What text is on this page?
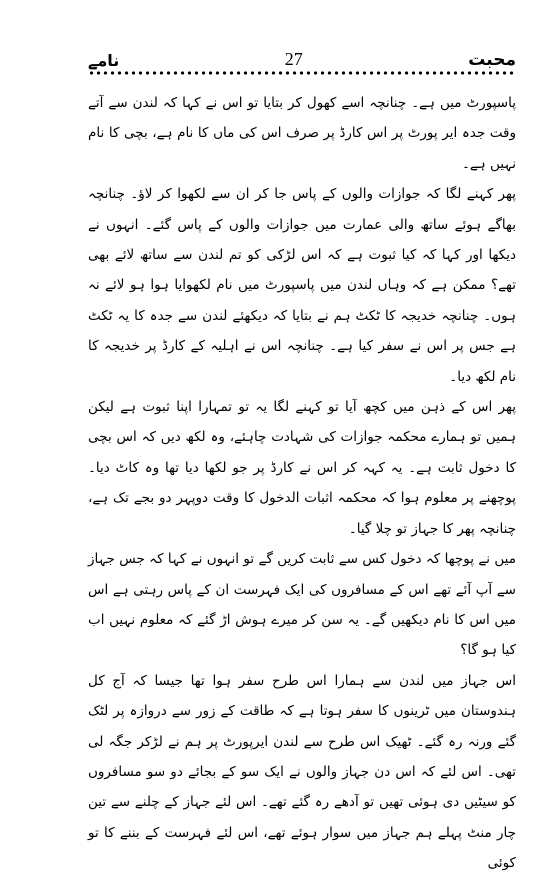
نامے	27	محبت

پاسپورٹ میں ہے۔ چنانچہ اسے کھول کر بتایا تو اس نے کہا کہ لندن سے آتے وقت جدہ ایر پورٹ پر اس کارڈ پر صرف اس کی ماں کا نام ہے، بچی کا نام نہیں ہے۔

پھر کہنے لگا کہ جوازات والوں کے پاس جا کر ان سے لکھوا کر لاؤ۔ چنانچہ بھاگے ہوئے ساتھ والی عمارت میں جوازات والوں کے پاس گئے۔ انہوں نے دیکھا اور کہا کہ کیا ثبوت ہے کہ اس لڑکی کو تم لندن سے ساتھ لائے بھی تھے؟ ممکن ہے کہ وہاں لندن میں پاسپورٹ میں نام لکھوایا ہوا ہو لائے نہ ہوں۔ چنانچہ خدیجہ کا ٹکٹ ہم نے بتایا کہ دیکھئے لندن سے جدہ کا یہ ٹکٹ ہے جس پر اس نے سفر کیا ہے۔ چنانچہ اس نے اہلیہ کے کارڈ پر خدیجہ کا نام لکھ دیا۔

پھر اس کے ذہن میں کچھ آیا تو کہنے لگا یہ تو تمہارا اپنا ثبوت ہے لیکن ہمیں تو ہمارے محکمہ جوازات کی شہادت چاہئے، وہ لکھ دیں کہ اس بچی کا دخول ثابت ہے۔ یہ کہہ کر اس نے کارڈ پر جو لکھا دیا تھا وہ کاٹ دیا۔ پوچھنے پر معلوم ہوا کہ محکمہ اثبات الدخول کا وقت دوپہر دو بجے تک ہے، چنانچہ پھر کا جہاز تو چلا گیا۔

میں نے پوچھا کہ دخول کس سے ثابت کریں گے تو انہوں نے کہا کہ جس جہاز سے آپ آئے تھے اس کے مسافروں کی ایک فہرست ان کے پاس رہتی ہے اس میں اس کا نام دیکھیں گے۔ یہ سن کر میرے ہوش اڑ گئے کہ معلوم نہیں اب کیا ہو گا؟

اس جہاز میں لندن سے ہمارا اس طرح سفر ہوا تھا جیسا کہ آج کل ہندوستان میں ٹرینوں کا سفر ہوتا ہے کہ طاقت کے زور سے دروازہ پر لٹک گئے ورنہ رہ گئے۔ ٹھیک اس طرح سے لندن ایرپورٹ پر ہم نے لڑکر جگہ لی تھی۔ اس لئے کہ اس دن جہاز والوں نے ایک سو کے بجائے دو سو مسافروں کو سیٹیں دی ہوئی تھیں تو آدھے رہ گئے تھے۔ اس لئے جہاز کے چلنے سے تین چار منٹ پہلے ہم جہاز میں سوار ہوئے تھے، اس لئے فہرست کے بننے کا تو کوئی
